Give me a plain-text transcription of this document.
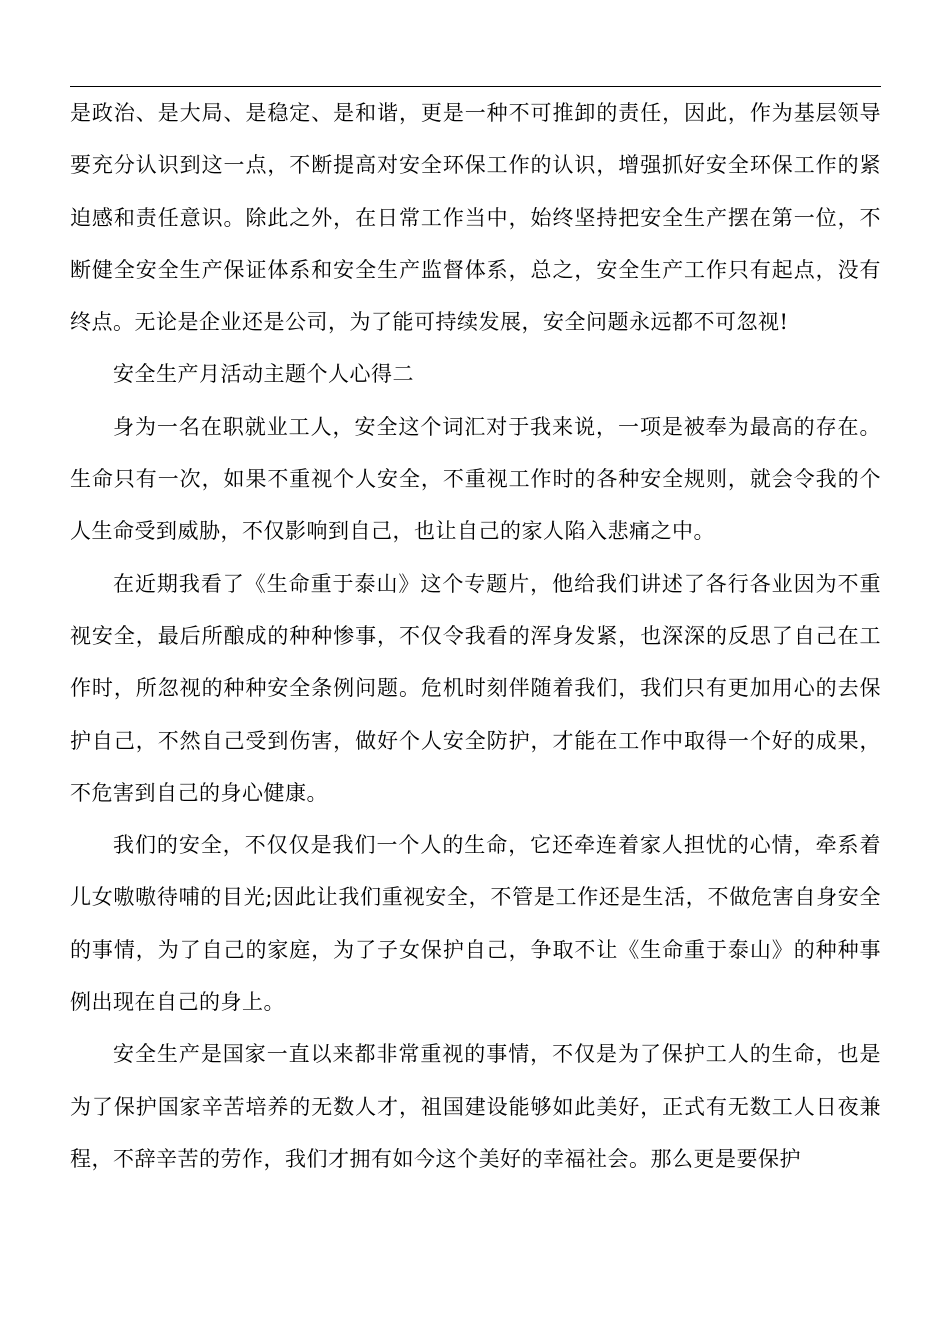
是政治、是大局、是稳定、是和谐，更是一种不可推卸的责任，因此，作为基层领导要充分认识到这一点，不断提高对安全环保工作的认识，增强抓好安全环保工作的紧迫感和责任意识。除此之外，在日常工作当中，始终坚持把安全生产摆在第一位，不断健全安全生产保证体系和安全生产监督体系，总之，安全生产工作只有起点，没有终点。无论是企业还是公司，为了能可持续发展，安全问题永远都不可忽视!

安全生产月活动主题个人心得二

身为一名在职就业工人，安全这个词汇对于我来说，一项是被奉为最高的存在。生命只有一次，如果不重视个人安全，不重视工作时的各种安全规则，就会令我的个人生命受到威胁，不仅影响到自己，也让自己的家人陷入悲痛之中。

在近期我看了《生命重于泰山》这个专题片，他给我们讲述了各行各业因为不重视安全，最后所酿成的种种惨事，不仅令我看的浑身发紧，也深深的反思了自己在工作时，所忽视的种种安全条例问题。危机时刻伴随着我们，我们只有更加用心的去保护自己，不然自己受到伤害，做好个人安全防护，才能在工作中取得一个好的成果，不危害到自己的身心健康。

我们的安全，不仅仅是我们一个人的生命，它还牵连着家人担忧的心情，牵系着儿女嗷嗷待哺的目光;因此让我们重视安全，不管是工作还是生活，不做危害自身安全的事情，为了自己的家庭，为了子女保护自己，争取不让《生命重于泰山》的种种事例出现在自己的身上。

安全生产是国家一直以来都非常重视的事情，不仅是为了保护工人的生命，也是为了保护国家辛苦培养的无数人才，祖国建设能够如此美好，正式有无数工人日夜兼程，不辞辛苦的劳作，我们才拥有如今这个美好的幸福社会。那么更是要保护
